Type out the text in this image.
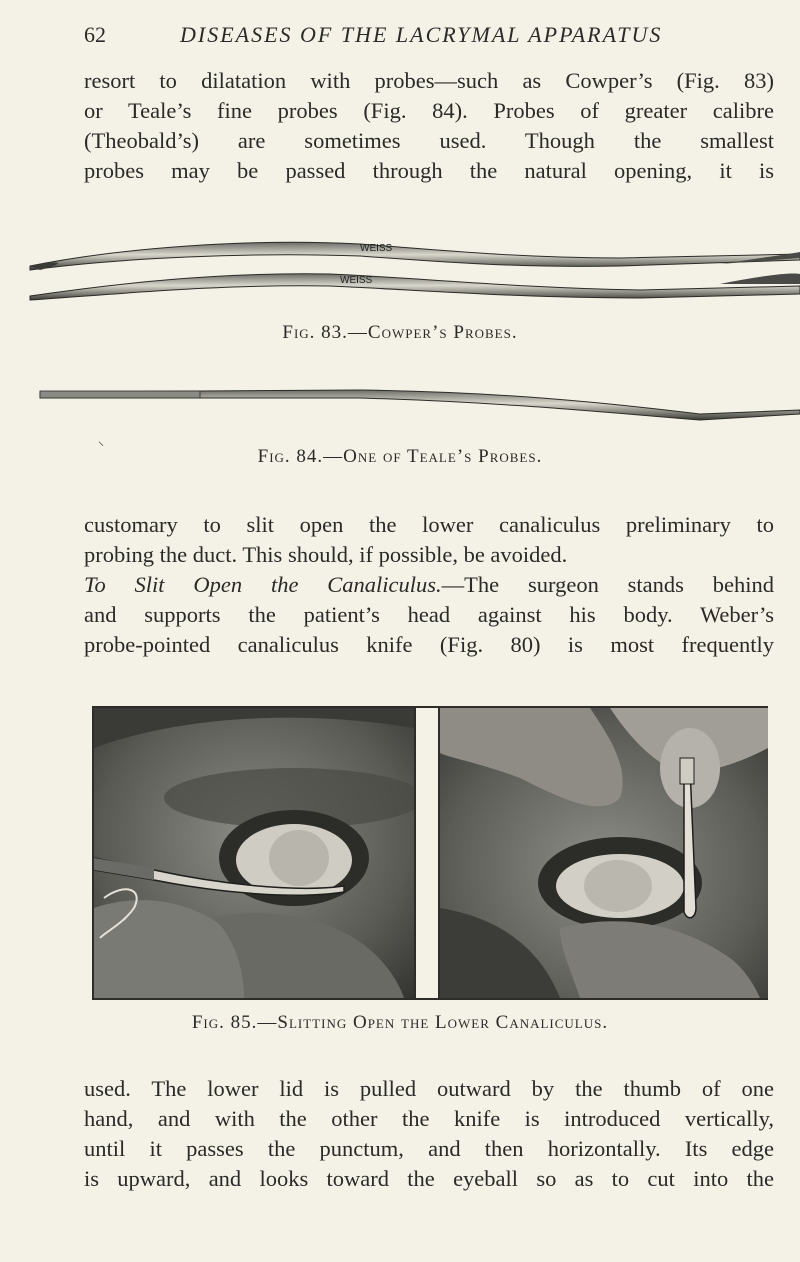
62	DISEASES OF THE LACRYMAL APPARATUS

resort to dilatation with probes—such as Cowper’s (Fig. 83)
or Teale’s fine probes (Fig. 84). Probes of greater calibre
(Theobald’s) are sometimes used. Though the smallest
probes may be passed through the natural opening, it is

WEISS
WEISS
Fig. 83.—Cowper’s Probes.
⸜
Fig. 84.—One of Teale’s Probes.

customary to slit open the lower canaliculus preliminary to
probing the duct. This should, if possible, be avoided.
To Slit Open the Canaliculus.—The surgeon stands behind
and supports the patient’s head against his body. Weber’s
probe-pointed canaliculus knife (Fig. 80) is most frequently

Fig. 85.—Slitting Open the Lower Canaliculus.

used. The lower lid is pulled outward by the thumb of one
hand, and with the other the knife is introduced vertically,
until it passes the punctum, and then horizontally. Its edge
is upward, and looks toward the eyeball so as to cut into the
